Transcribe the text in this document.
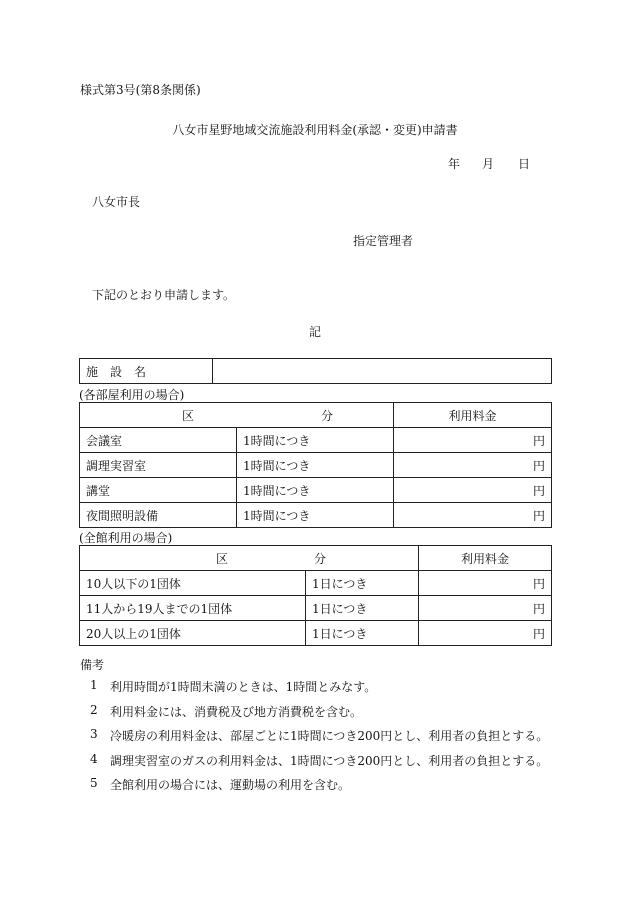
様式第3号(第8条関係)
八女市星野地域交流施設利用料金(承認・変更)申請書
年 月 日
八女市長
指定管理者
下記のとおり申請します。
記
施　設　名	
(各部屋利用の場合)
区 分		利用料金
会議室	1時間につき	円
調理実習室	1時間につき	円
講堂	1時間につき	円
夜間照明設備	1時間につき	円
(全館利用の場合)
区 分		利用料金
10人以下の1団体	1日につき	円
11人から19人までの1団体	1日につき	円
20人以上の1団体	1日につき	円
備考
1	利用時間が1時間未満のときは、1時間とみなす。
2	利用料金には、消費税及び地方消費税を含む。
3	冷暖房の利用料金は、部屋ごとに1時間につき200円とし、利用者の負担とする。
4	調理実習室のガスの利用料金は、1時間につき200円とし、利用者の負担とする。
5	全館利用の場合には、運動場の利用を含む。
